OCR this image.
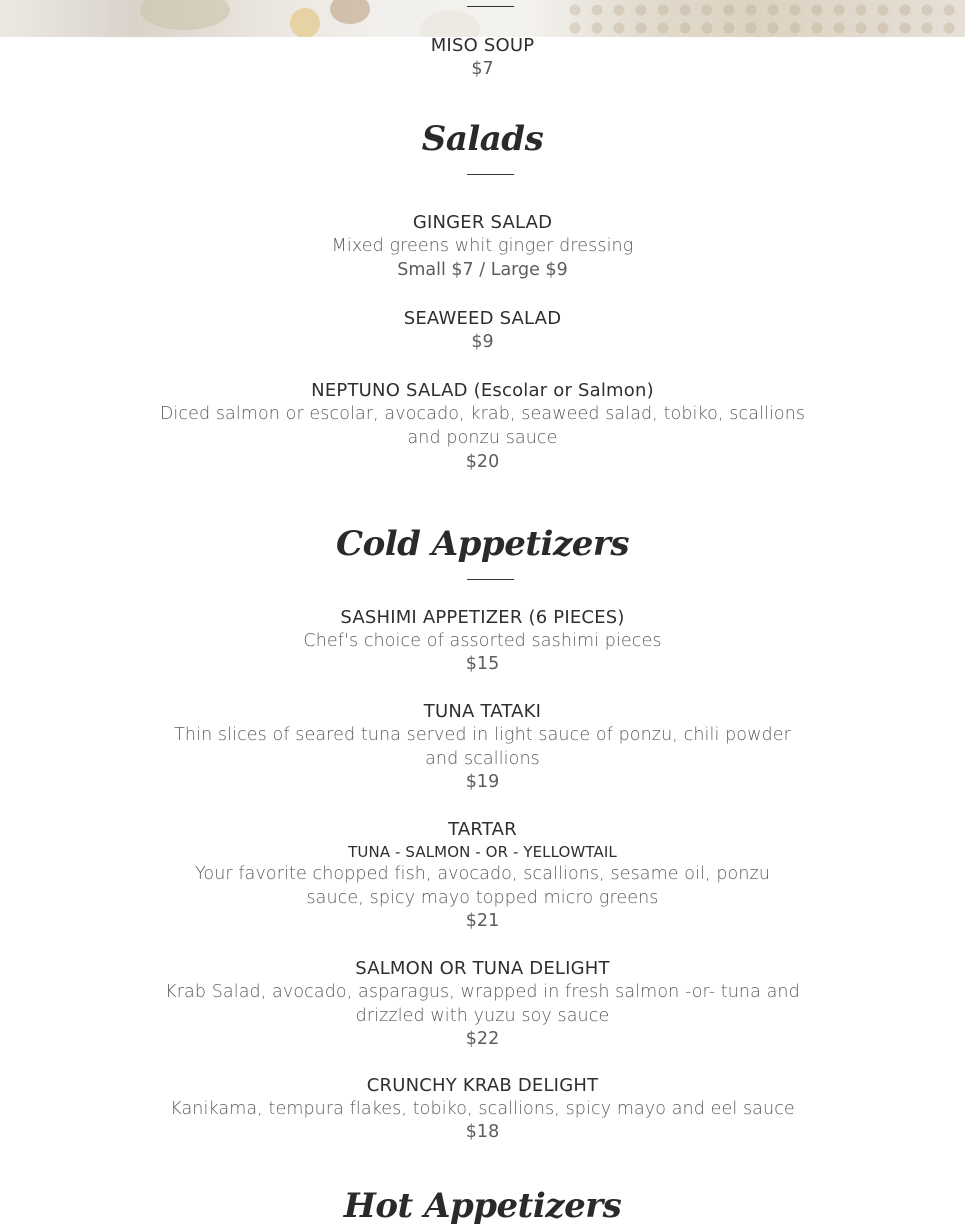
MISO SOUP
$7
Salads
GINGER SALAD
Mixed greens whit ginger dressing
Small $7 / Large $9
SEAWEED SALAD
$9
NEPTUNO SALAD (Escolar or Salmon)
Diced salmon or escolar, avocado, krab, seaweed salad, tobiko, scallions
and ponzu sauce
$20
Cold Appetizers
SASHIMI APPETIZER (6 PIECES)
Chef's choice of assorted sashimi pieces
$15
TUNA TATAKI
Thin slices of seared tuna served in light sauce of ponzu, chili powder
and scallions
$19
TARTAR
TUNA - SALMON - OR - YELLOWTAIL
Your favorite chopped fish, avocado, scallions, sesame oil, ponzu
sauce, spicy mayo topped micro greens
$21
SALMON OR TUNA DELIGHT
Krab Salad, avocado, asparagus, wrapped in fresh salmon -or- tuna and
drizzled with yuzu soy sauce
$22
CRUNCHY KRAB DELIGHT
Kanikama, tempura flakes, tobiko, scallions, spicy mayo and eel sauce
$18
Hot Appetizers
